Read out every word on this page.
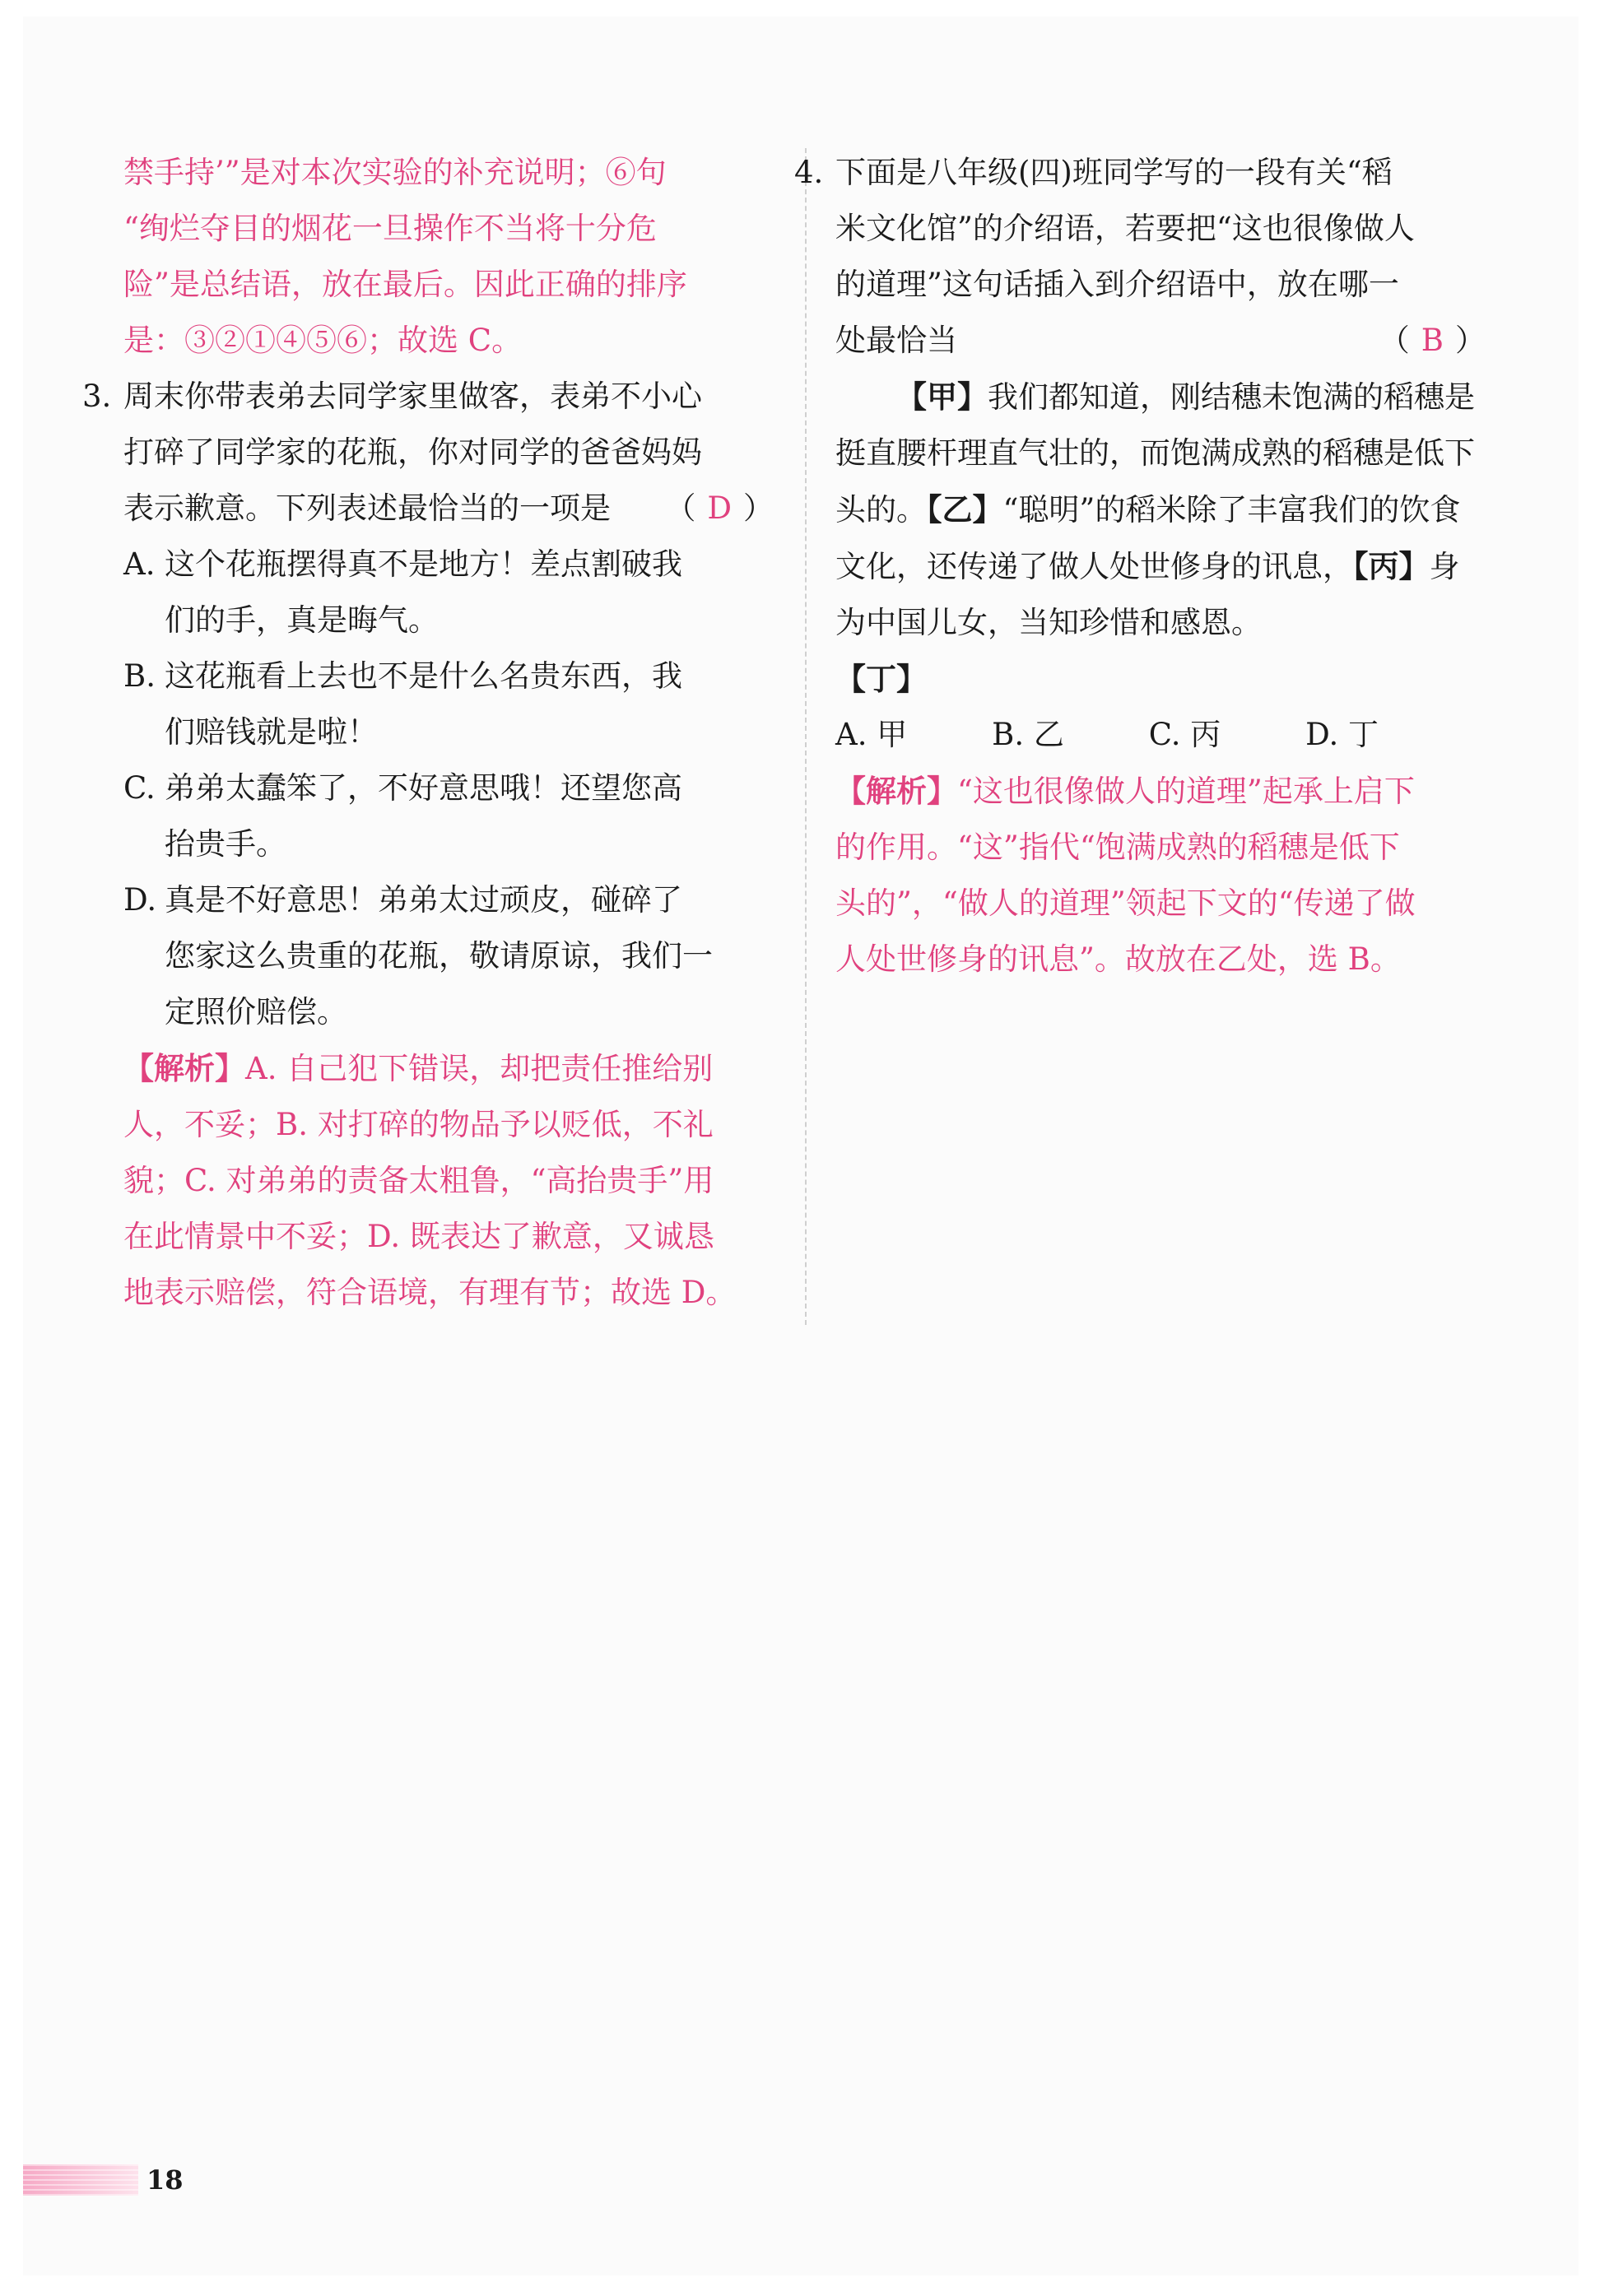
禁手持’”是对本次实验的补充说明；⑥句
“绚烂夺目的烟花一旦操作不当将十分危
险”是总结语，放在最后。因此正确的排序
是：③②①④⑤⑥；故选 C。
3. 周末你带表弟去同学家里做客，表弟不小心
打碎了同学家的花瓶，你对同学的爸爸妈妈
表示歉意。下列表述最恰当的一项是 （ D ）
A. 这个花瓶摆得真不是地方！差点割破我
们的手，真是晦气。
B. 这花瓶看上去也不是什么名贵东西，我
们赔钱就是啦！
C. 弟弟太蠢笨了，不好意思哦！还望您高
抬贵手。
D. 真是不好意思！弟弟太过顽皮，碰碎了
您家这么贵重的花瓶，敬请原谅，我们一
定照价赔偿。
【解析】A. 自己犯下错误，却把责任推给别
人，不妥；B. 对打碎的物品予以贬低，不礼
貌；C. 对弟弟的责备太粗鲁，“高抬贵手”用
在此情景中不妥；D. 既表达了歉意，又诚恳
地表示赔偿，符合语境，有理有节；故选 D。
4. 下面是八年级(四)班同学写的一段有关“稻
米文化馆”的介绍语，若要把“这也很像做人
的道理”这句话插入到介绍语中，放在哪一
处最恰当	（ B ）

【甲】我们都知道，刚结穗未饱满的稻穗是挺直腰杆理直气壮的，而饱满成熟的稻穗是低下头的。【乙】“聪明”的稻米除了丰富我们的饮食文化，还传递了做人处世修身的讯息，【丙】身为中国儿女，当知珍惜和感恩。

【丁】
A. 甲	B. 乙	C. 丙	D. 丁
【解析】“这也很像做人的道理”起承上启下
的作用。“这”指代“饱满成熟的稻穗是低下
头的”，“做人的道理”领起下文的“传递了做
人处世修身的讯息”。故放在乙处，选 B。
18
